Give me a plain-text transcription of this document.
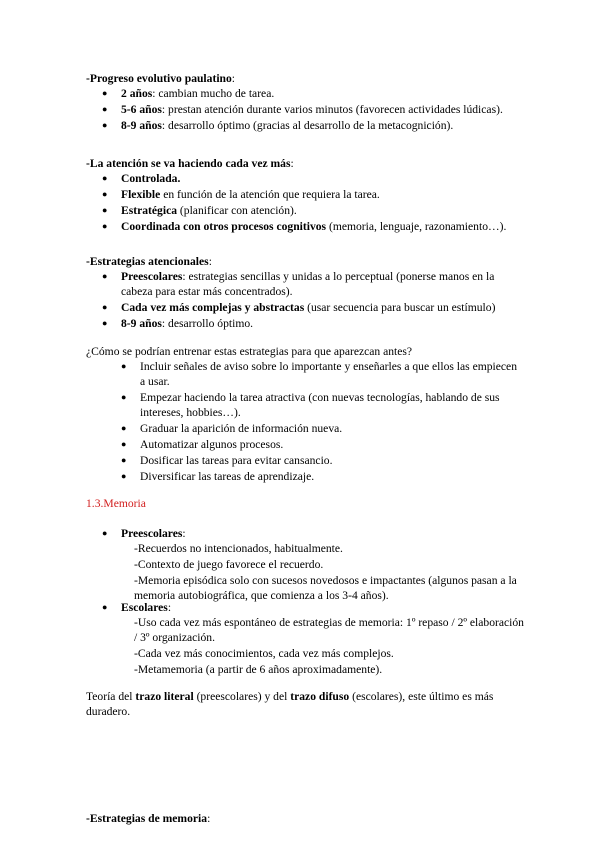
-Progreso evolutivo paulatino:
● 2 años: cambian mucho de tarea.
● 5-6 años: prestan atención durante varios minutos (favorecen actividades lúdicas).
● 8-9 años: desarrollo óptimo (gracias al desarrollo de la metacognición).
-La atención se va haciendo cada vez más:
● Controlada.
● Flexible en función de la atención que requiera la tarea.
● Estratégica (planificar con atención).
● Coordinada con otros procesos cognitivos (memoria, lenguaje, razonamiento…).
-Estrategias atencionales:
● Preescolares: estrategias sencillas y unidas a lo perceptual (ponerse manos en la cabeza para estar más concentrados).
● Cada vez más complejas y abstractas (usar secuencia para buscar un estímulo)
● 8-9 años: desarrollo óptimo.
¿Cómo se podrían entrenar estas estrategias para que aparezcan antes?
● Incluir señales de aviso sobre lo importante y enseñarles a que ellos las empiecen a usar.
● Empezar haciendo la tarea atractiva (con nuevas tecnologías, hablando de sus intereses, hobbies…).
● Graduar la aparición de información nueva.
● Automatizar algunos procesos.
● Dosificar las tareas para evitar cansancio.
● Diversificar las tareas de aprendizaje.
1.3.Memoria
● Preescolares:
-Recuerdos no intencionados, habitualmente.
-Contexto de juego favorece el recuerdo.
-Memoria episódica solo con sucesos novedosos e impactantes (algunos pasan a la memoria autobiográfica, que comienza a los 3-4 años).
● Escolares:
-Uso cada vez más espontáneo de estrategias de memoria: 1º repaso / 2º elaboración / 3º organización.
-Cada vez más conocimientos, cada vez más complejos.
-Metamemoria (a partir de 6 años aproximadamente).
Teoría del trazo literal (preescolares) y del trazo difuso (escolares), este último es más duradero.
-Estrategias de memoria:
